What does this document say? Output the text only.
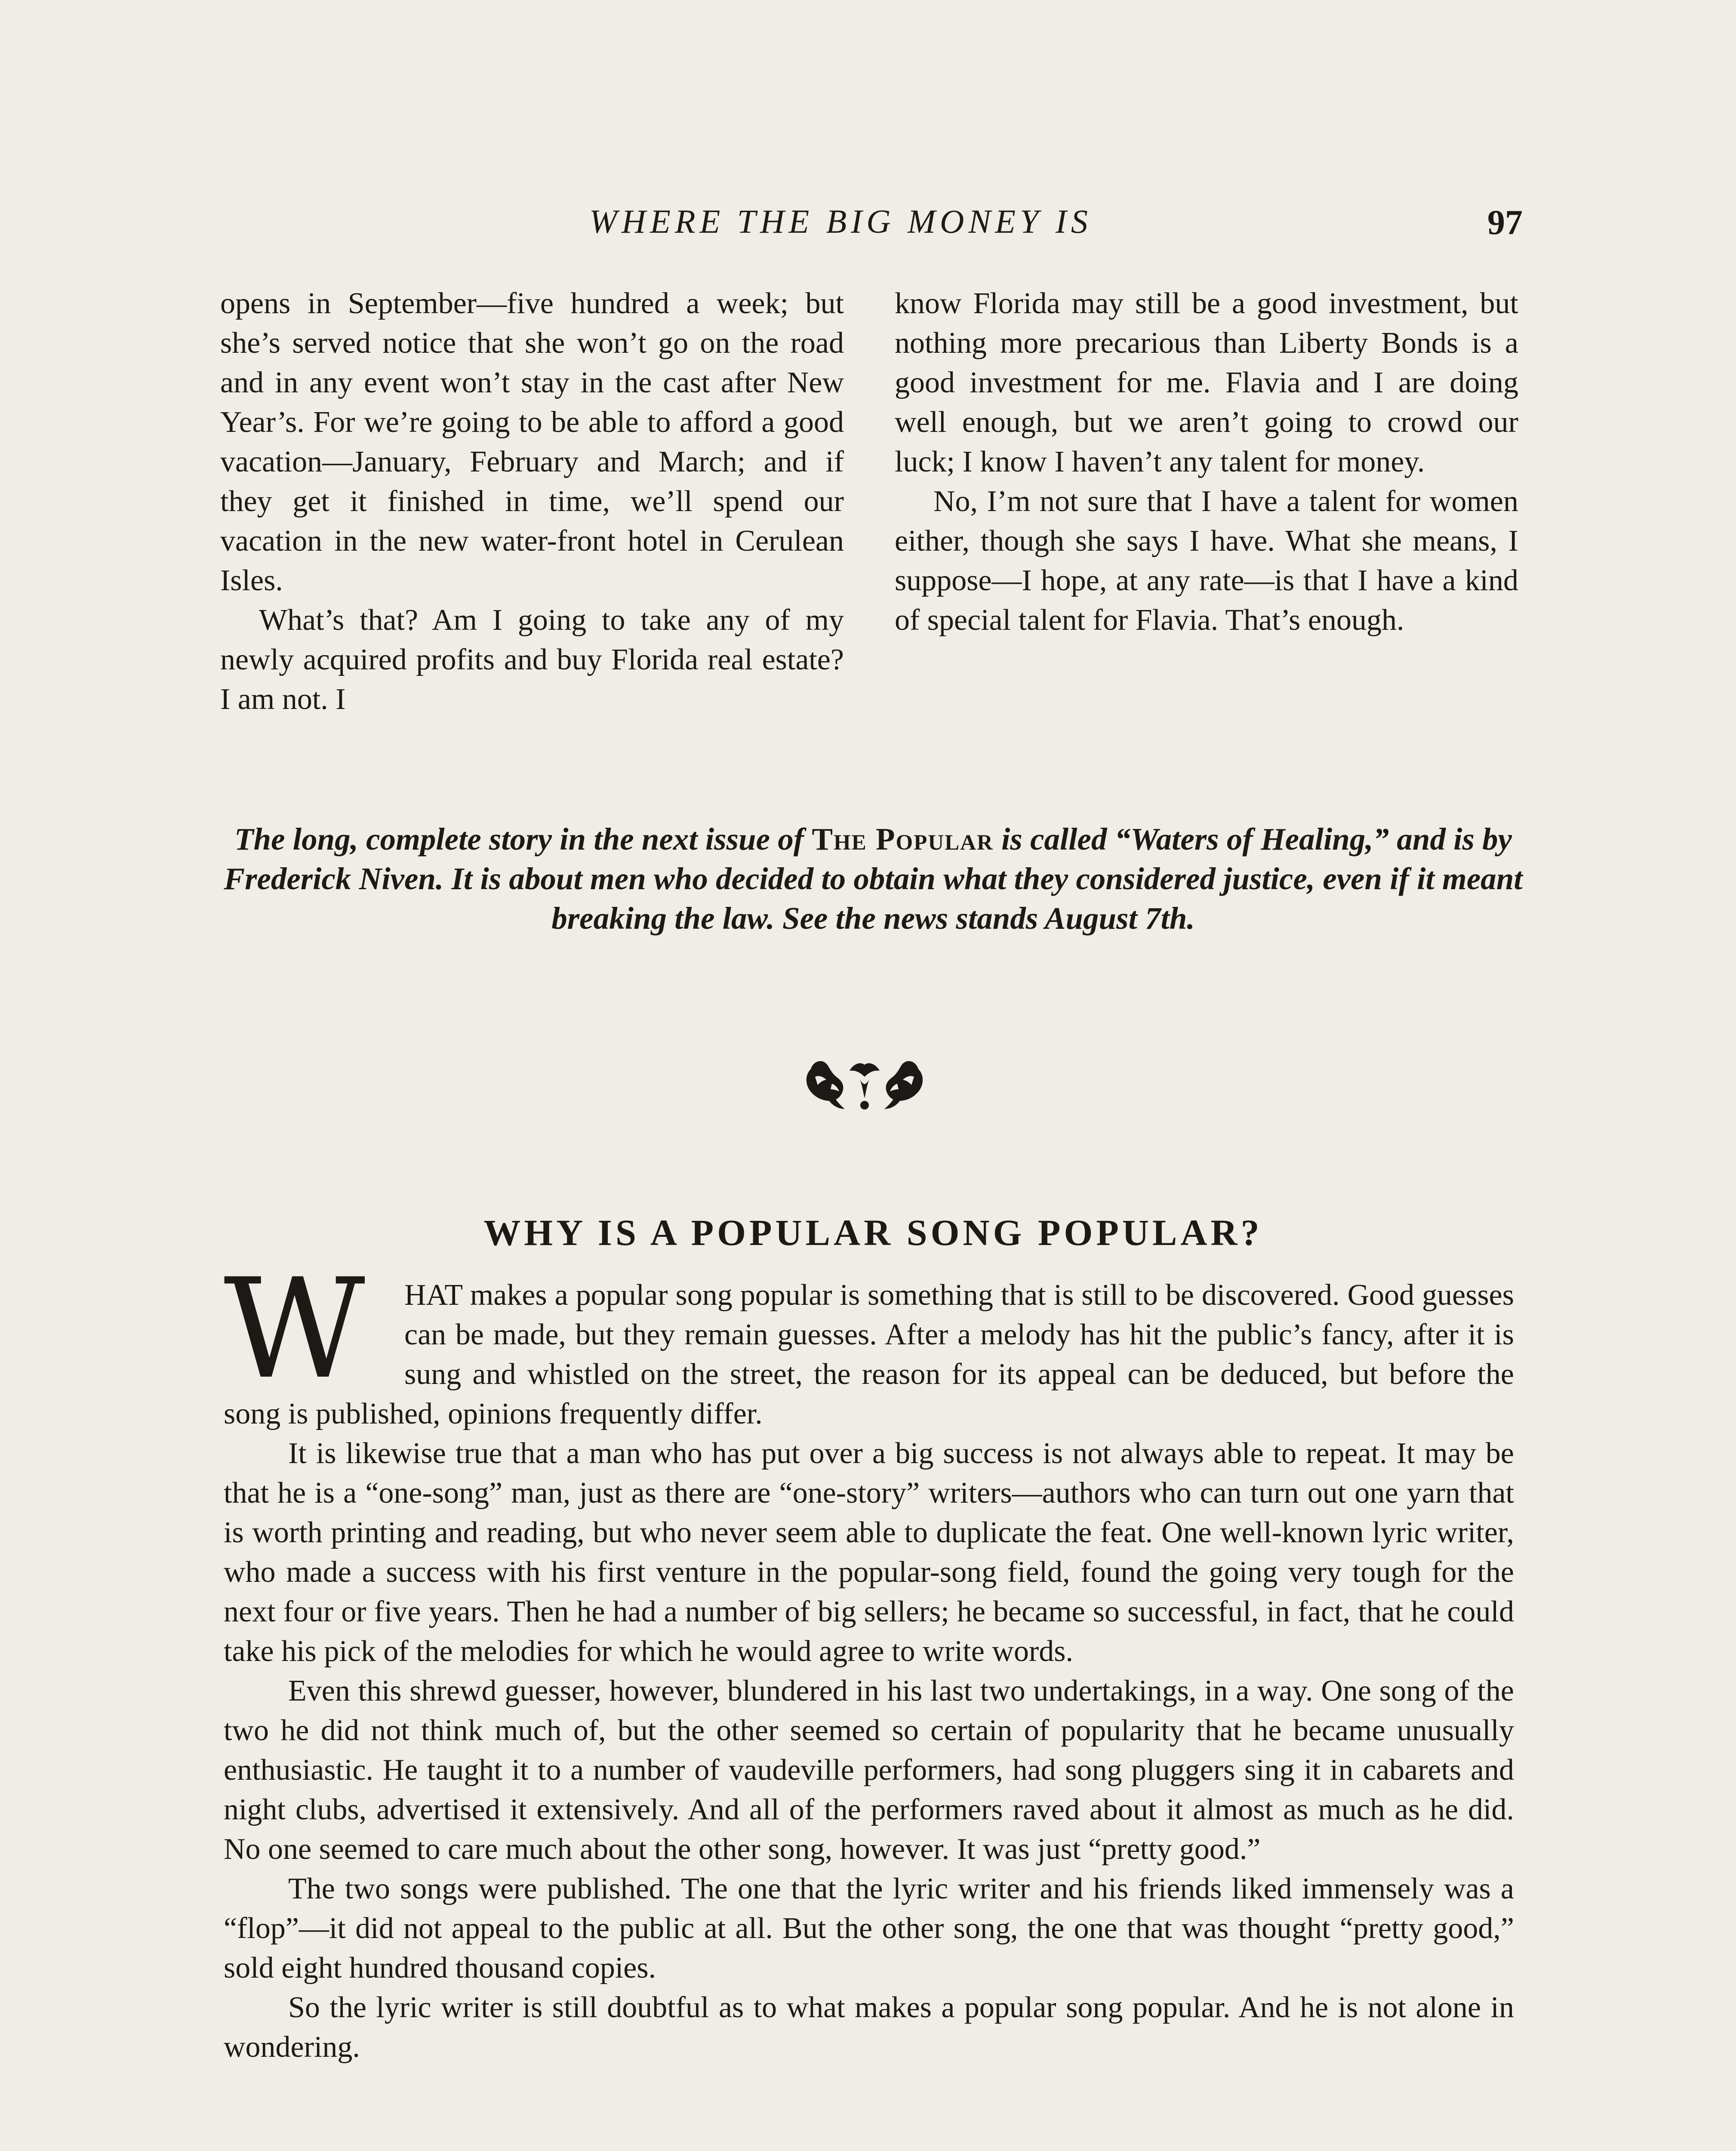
WHERE THE BIG MONEY IS	97

opens in September—five hundred a week; but she’s served notice that she won’t go on the road and in any event won’t stay in the cast after New Year’s. For we’re going to be able to afford a good vacation—January, February and March; and if they get it finished in time, we’ll spend our vacation in the new water-front hotel in Cerulean Isles.

What’s that? Am I going to take any of my newly acquired profits and buy Florida real estate? I am not. I

know Florida may still be a good investment, but nothing more precarious than Liberty Bonds is a good investment for me. Flavia and I are doing well enough, but we aren’t going to crowd our luck; I know I haven’t any talent for money.

No, I’m not sure that I have a talent for women either, though she says I have. What she means, I suppose—I hope, at any rate—is that I have a kind of special talent for Flavia. That’s enough.

The long, complete story in the next issue of The Popular is called “Waters of Healing,” and is by Frederick Niven. It is about men who decided to obtain what they considered justice, even if it meant breaking the law. See the news stands August 7th.
WHY IS A POPULAR SONG POPULAR?

W	HAT makes a popular song popular is something that is still to be discovered. Good guesses can be made, but they remain guesses. After a melody has hit the public’s fancy, after it is sung and whistled on the street, the reason for its appeal can be deduced, but before the song is published, opinions frequently differ.

It is likewise true that a man who has put over a big success is not always able to repeat. It may be that he is a “one-song” man, just as there are “one-story” writers—authors who can turn out one yarn that is worth printing and reading, but who never seem able to duplicate the feat. One well-known lyric writer, who made a success with his first venture in the popular-song field, found the going very tough for the next four or five years. Then he had a number of big sellers; he became so successful, in fact, that he could take his pick of the melodies for which he would agree to write words.

Even this shrewd guesser, however, blundered in his last two undertakings, in a way. One song of the two he did not think much of, but the other seemed so certain of popularity that he became unusually enthusiastic. He taught it to a number of vaudeville performers, had song pluggers sing it in cabarets and night clubs, advertised it extensively. And all of the performers raved about it almost as much as he did. No one seemed to care much about the other song, however. It was just “pretty good.”

The two songs were published. The one that the lyric writer and his friends liked immensely was a “flop”—it did not appeal to the public at all. But the other song, the one that was thought “pretty good,” sold eight hundred thousand copies.

So the lyric writer is still doubtful as to what makes a popular song popular. And he is not alone in wondering.
